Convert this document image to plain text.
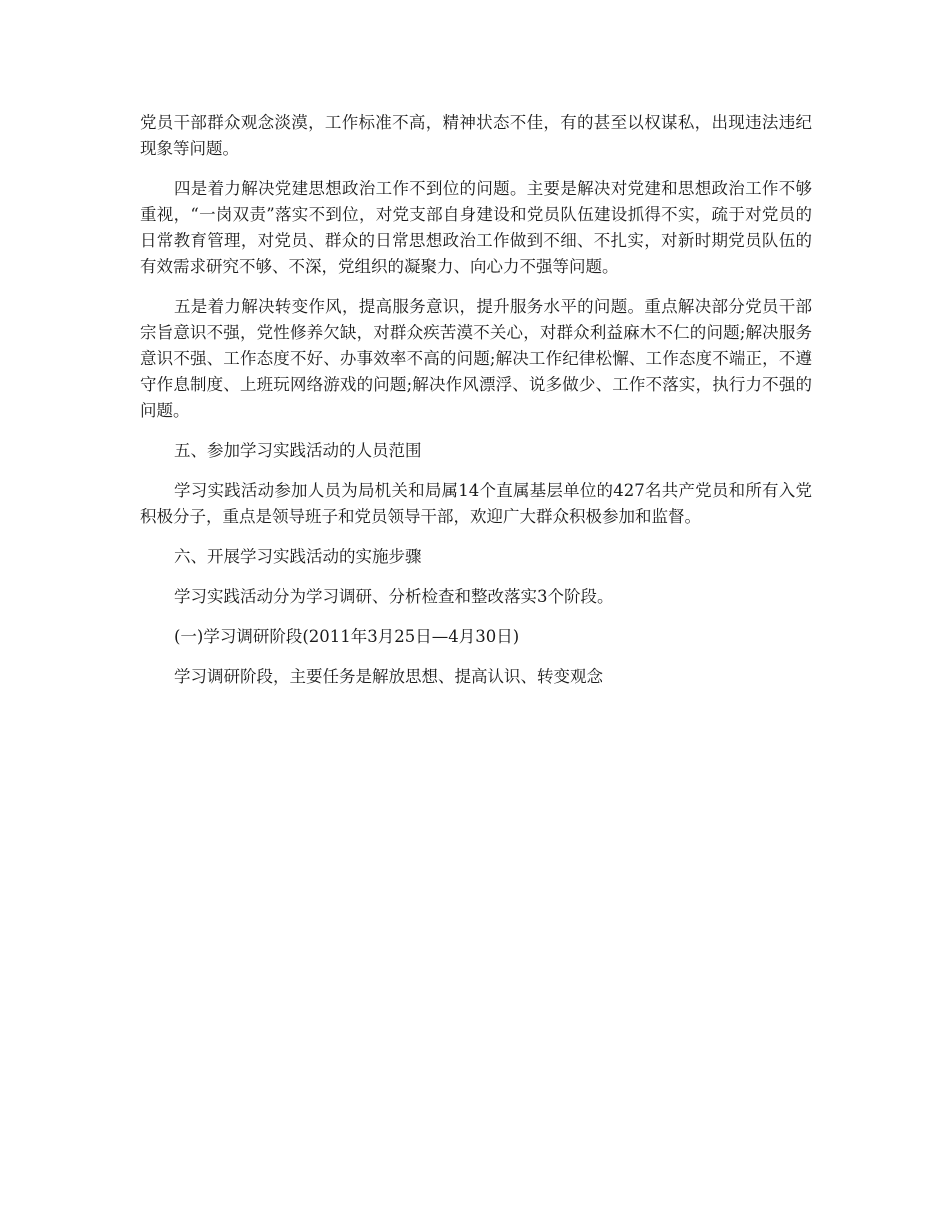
党员干部群众观念淡漠，工作标准不高，精神状态不佳，有的甚至以权谋私，出现违法违纪现象等问题。

四是着力解决党建思想政治工作不到位的问题。主要是解决对党建和思想政治工作不够重视，“一岗双责”落实不到位，对党支部自身建设和党员队伍建设抓得不实，疏于对党员的日常教育管理，对党员、群众的日常思想政治工作做到不细、不扎实，对新时期党员队伍的有效需求研究不够、不深，党组织的凝聚力、向心力不强等问题。

五是着力解决转变作风，提高服务意识，提升服务水平的问题。重点解决部分党员干部宗旨意识不强，党性修养欠缺，对群众疾苦漠不关心，对群众利益麻木不仁的问题;解决服务意识不强、工作态度不好、办事效率不高的问题;解决工作纪律松懈、工作态度不端正，不遵守作息制度、上班玩网络游戏的问题;解决作风漂浮、说多做少、工作不落实，执行力不强的问题。

五、参加学习实践活动的人员范围

学习实践活动参加人员为局机关和局属14个直属基层单位的427名共产党员和所有入党积极分子，重点是领导班子和党员领导干部，欢迎广大群众积极参加和监督。

六、开展学习实践活动的实施步骤

学习实践活动分为学习调研、分析检查和整改落实3个阶段。

(一)学习调研阶段(2011年3月25日—4月30日)

学习调研阶段，主要任务是解放思想、提高认识、转变观念
